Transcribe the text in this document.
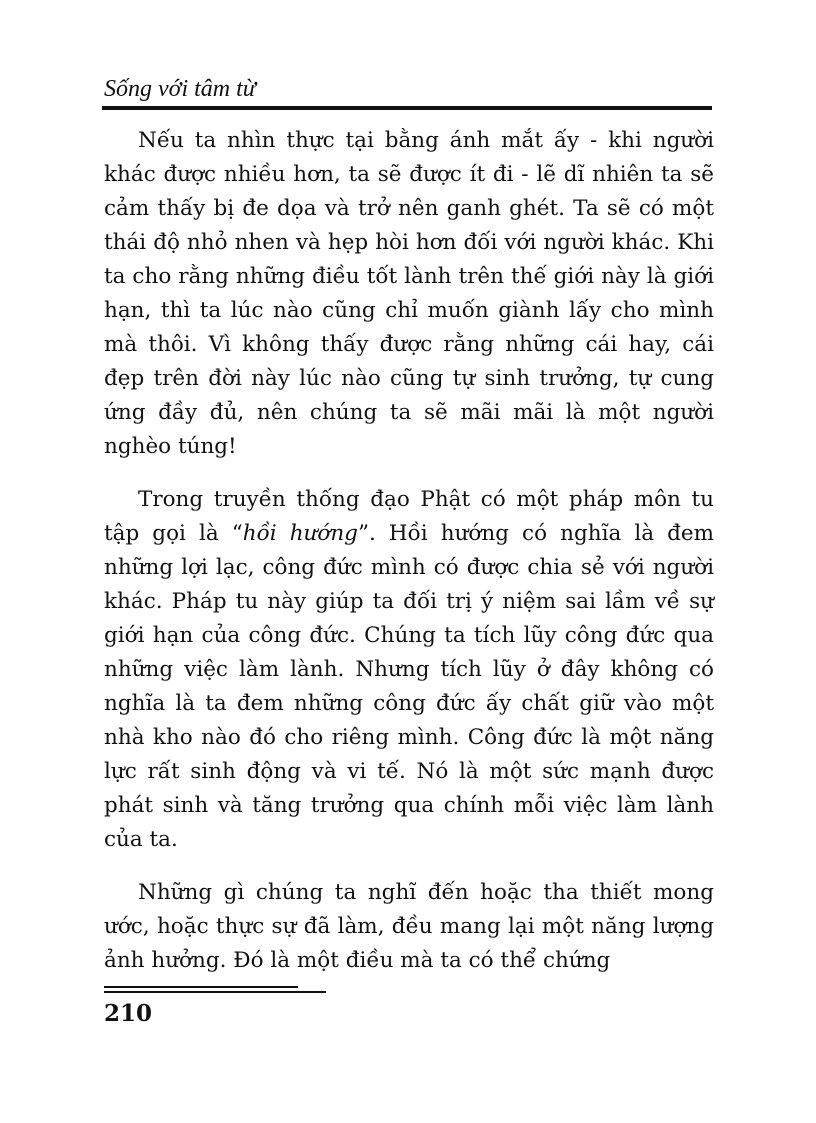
Sống với tâm từ

Nếu ta nhìn thực tại bằng ánh mắt ấy - khi người khác được nhiều hơn, ta sẽ được ít đi - lẽ dĩ nhiên ta sẽ cảm thấy bị đe dọa và trở nên ganh ghét. Ta sẽ có một thái độ nhỏ nhen và hẹp hòi hơn đối với người khác. Khi ta cho rằng những điều tốt lành trên thế giới này là giới hạn, thì ta lúc nào cũng chỉ muốn giành lấy cho mình mà thôi. Vì không thấy được rằng những cái hay, cái đẹp trên đời này lúc nào cũng tự sinh trưởng, tự cung ứng đầy đủ, nên chúng ta sẽ mãi mãi là một người nghèo túng!

Trong truyền thống đạo Phật có một pháp môn tu tập gọi là “hồi hướng”. Hồi hướng có nghĩa là đem những lợi lạc, công đức mình có được chia sẻ với người khác. Pháp tu này giúp ta đối trị ý niệm sai lầm về sự giới hạn của công đức. Chúng ta tích lũy công đức qua những việc làm lành. Nhưng tích lũy ở đây không có nghĩa là ta đem những công đức ấy chất giữ vào một nhà kho nào đó cho riêng mình. Công đức là một năng lực rất sinh động và vi tế. Nó là một sức mạnh được phát sinh và tăng trưởng qua chính mỗi việc làm lành của ta.

Những gì chúng ta nghĩ đến hoặc tha thiết mong ước, hoặc thực sự đã làm, đều mang lại một năng lượng ảnh hưởng. Đó là một điều mà ta có thể chứng

210
